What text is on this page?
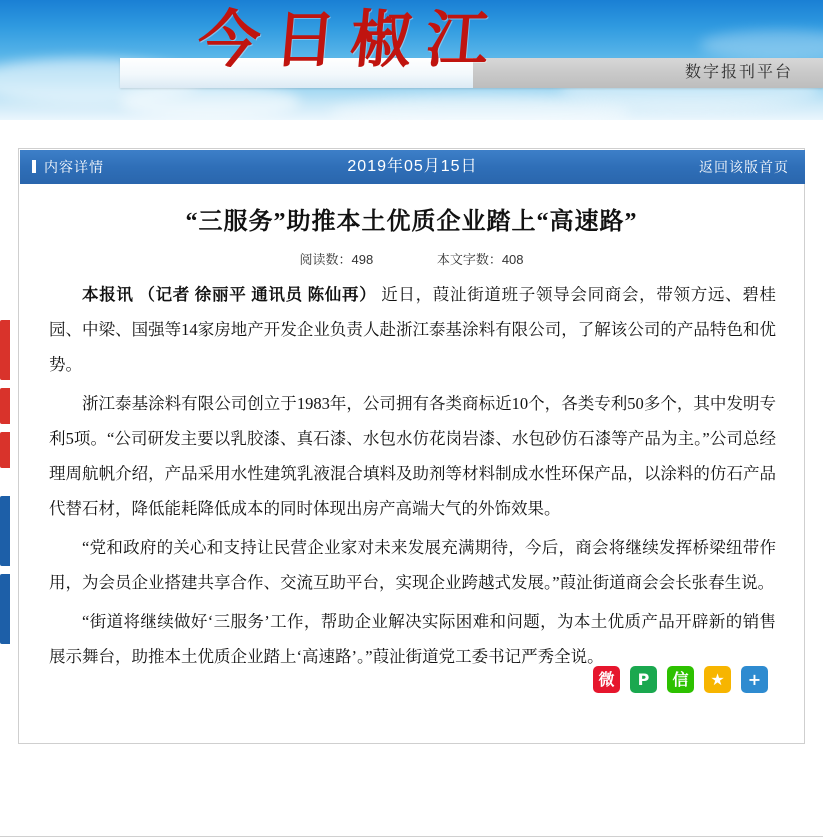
数字报刊平台
今日椒江
内容详情	2019年05月15日	返回该版首页
“三服务”助推本土优质企业踏上“高速路”
阅读数：498	本文字数：408

本报讯 （记者 徐丽平 通讯员 陈仙再） 近日，葭沚街道班子领导会同商会，带领方远、碧桂园、中梁、国强等14家房地产开发企业负责人赴浙江泰基涂料有限公司，了解该公司的产品特色和优势。

浙江泰基涂料有限公司创立于1983年，公司拥有各类商标近10个，各类专利50多个，其中发明专利5项。“公司研发主要以乳胶漆、真石漆、水包水仿花岗岩漆、水包砂仿石漆等产品为主。”公司总经理周航帆介绍，产品采用水性建筑乳液混合填料及助剂等材料制成水性环保产品，以涂料的仿石产品代替石材，降低能耗降低成本的同时体现出房产高端大气的外饰效果。

“党和政府的关心和支持让民营企业家对未来发展充满期待，今后，商会将继续发挥桥梁纽带作用，为会员企业搭建共享合作、交流互助平台，实现企业跨越式发展。”葭沚街道商会会长张春生说。

“街道将继续做好‘三服务’工作，帮助企业解决实际困难和问题，为本土优质产品开辟新的销售展示舞台，助推本土优质企业踏上‘高速路’。”葭沚街道党工委书记严秀全说。

微	P	信	★	+
